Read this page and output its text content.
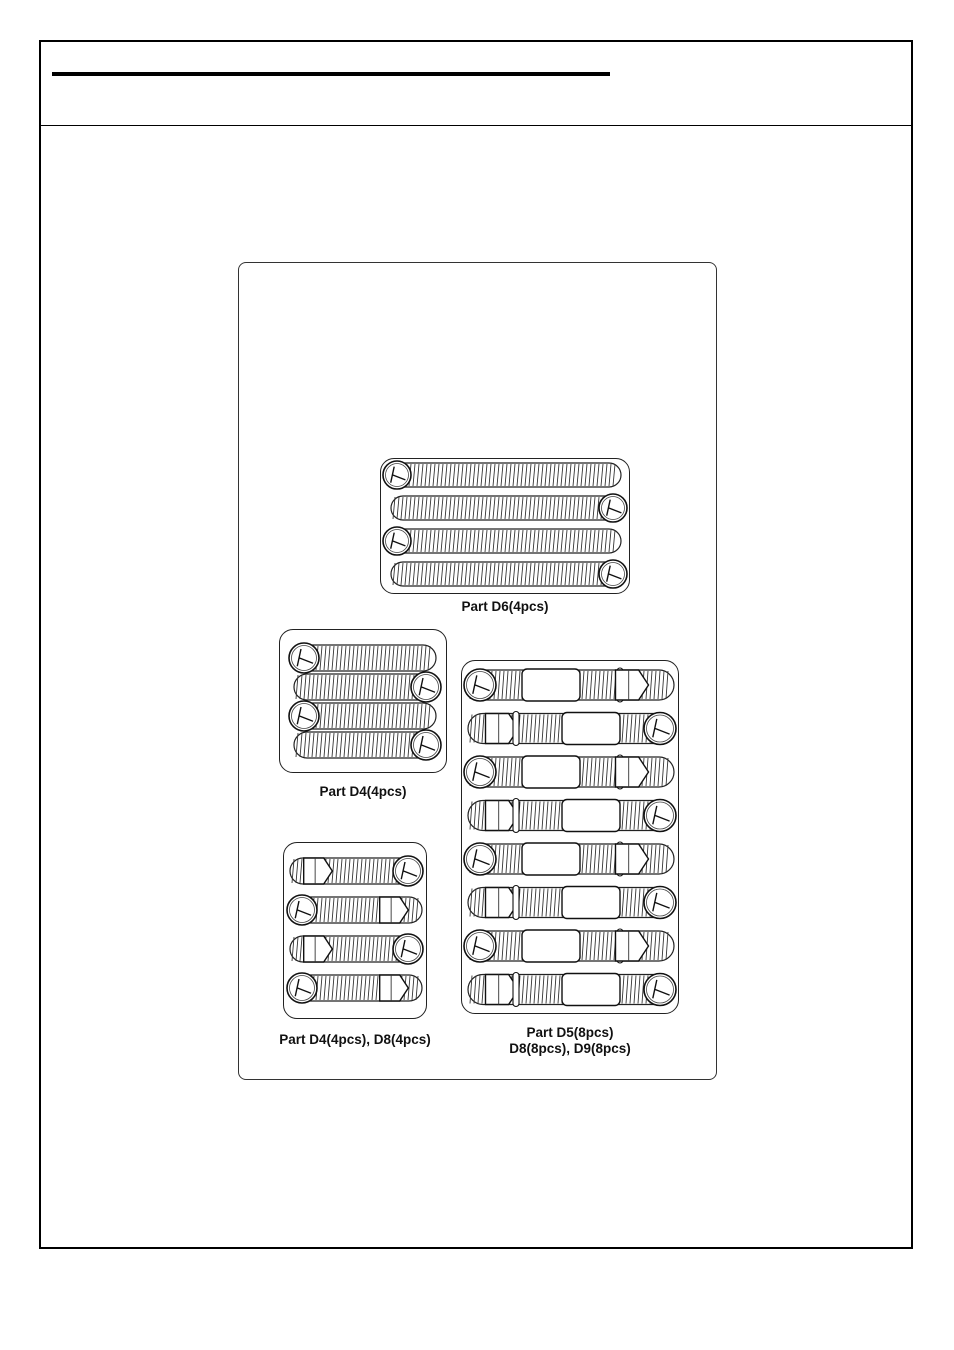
Part D6(4pcs)
Part D4(4pcs)
Part D4(4pcs), D8(4pcs)	Part D5(8pcs)
D8(8pcs), D9(8pcs)
